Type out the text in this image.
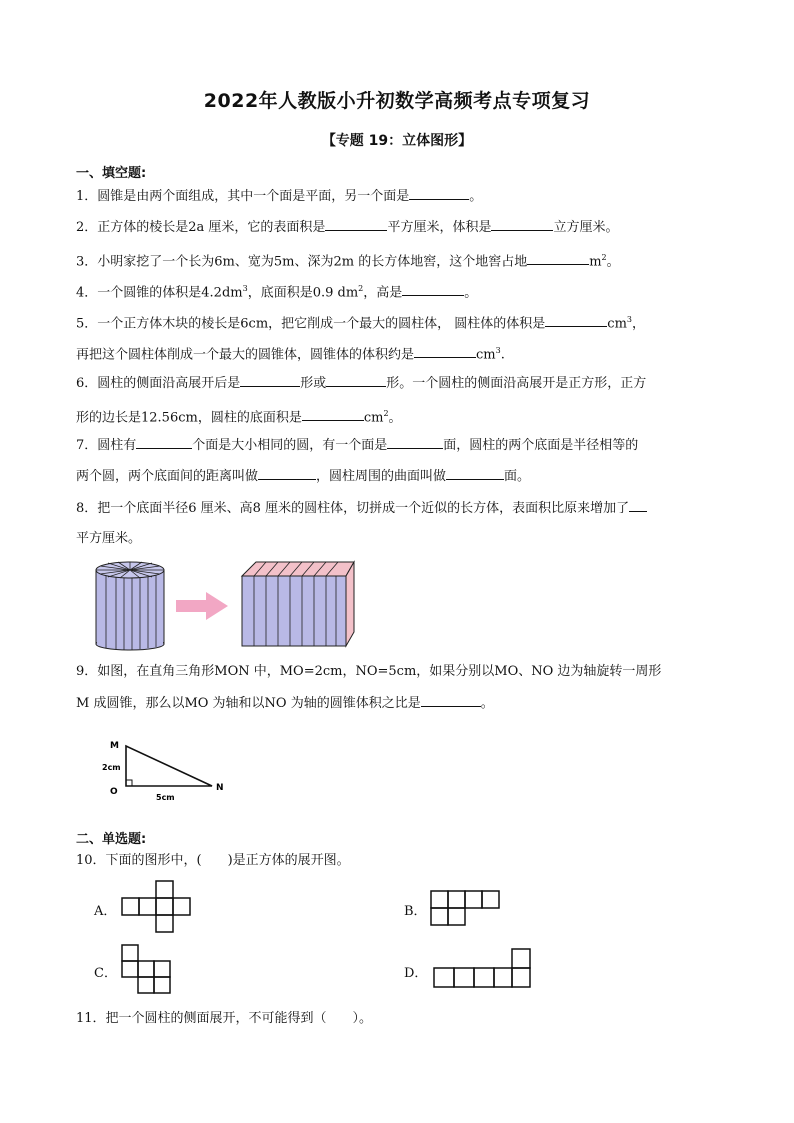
2022年人教版小升初数学高频考点专项复习
【专题 19：立体图形】
一、填空题:
1．圆锥是由两个面组成，其中一个面是平面，另一个面是	。
2．正方体的棱长是2a 厘米，它的表面积是	平方厘米，体积是	立方厘米。
3．小明家挖了一个长为6m、宽为5m、深为2m 的长方体地窖，这个地窖占地	$m^2$。
4．一个圆锥的体积是$4.2dm^3$，底面积是0.9 $dm^2$，高是	。
5．一个正方体木块的棱长是6cm，把它削成一个最大的圆柱体， 圆柱体的体积是	$cm^3$，
再把这个圆柱体削成一个最大的圆锥体，圆锥体的体积约是	$cm^3$.
6．圆柱的侧面沿高展开后是	形或	形。一个圆柱的侧面沿高展开是正方形，正方
形的边长是12.56cm，圆柱的底面积是	$cm^2$。
7．圆柱有	个面是大小相同的圆，有一个面是	面，圆柱的两个底面是半径相等的
两个圆，两个底面间的距离叫做	，圆柱周围的曲面叫做	面。
8．把一个底面半径6 厘米、高8 厘米的圆柱体，切拼成一个近似的长方体，表面积比原来增加了
平方厘米。
9．如图，在直角三角形MON 中，MO=2cm，NO=5cm，如果分别以MO、NO 边为轴旋转一周形
M 成圆锥，那么以MO 为轴和以NO 为轴的圆锥体积之比是	。
M
O	N
2cm
5cm
二、单选题:
10．下面的图形中，(　　)是正方体的展开图。
A．	B．
C．	D．
11．把一个圆柱的侧面展开，不可能得到（　　）。
